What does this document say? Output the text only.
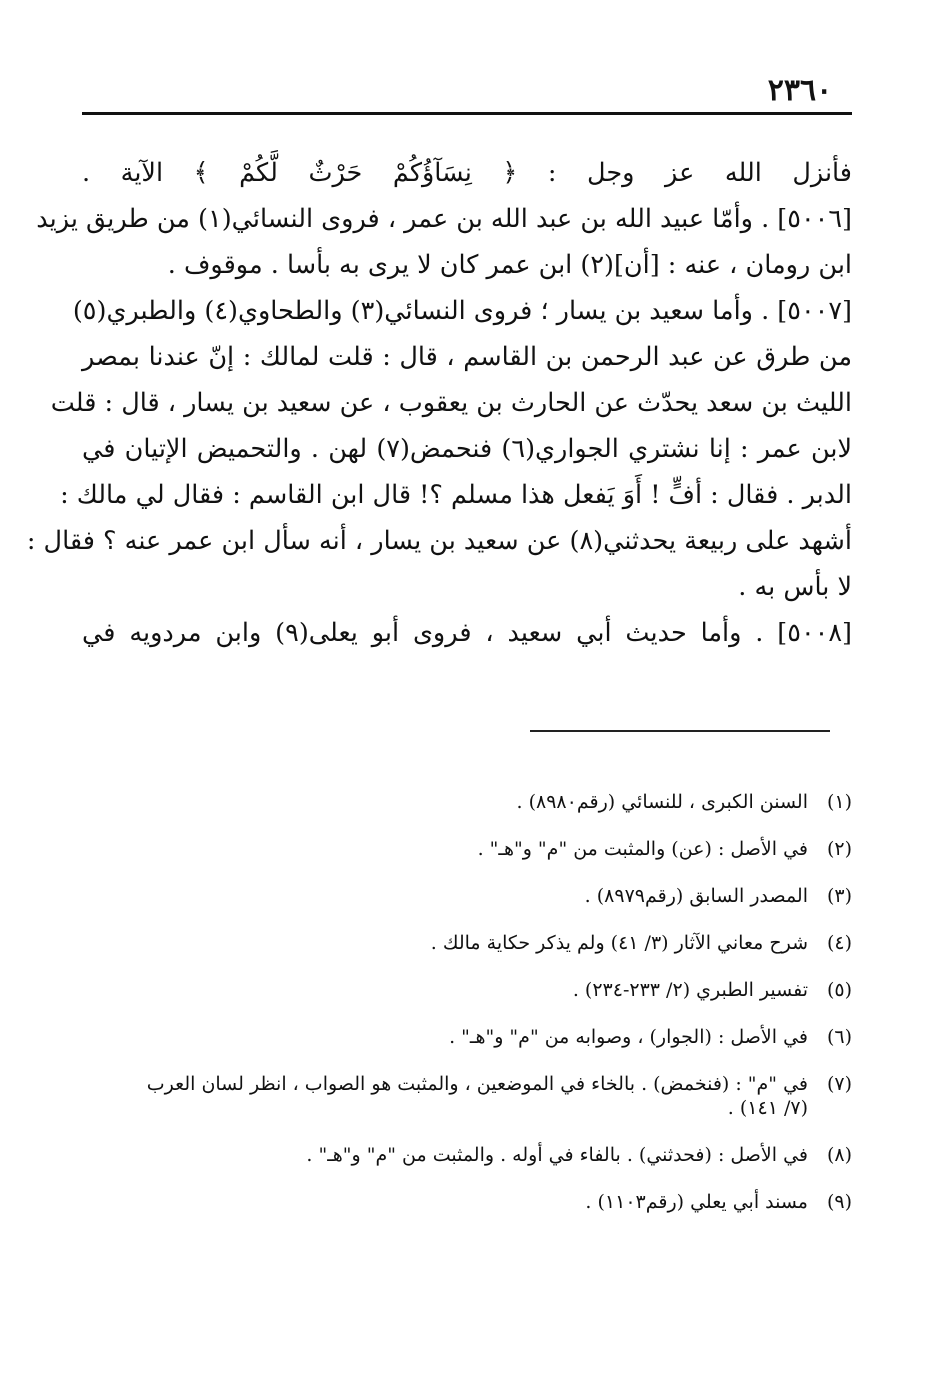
٢٣٦٠
فأنزل الله عز وجل : ﴿ نِسَآؤُكُمْ حَرْثٌ لَّكُمْ ﴾ الآية .
[٥٠٠٦] . وأمّا عبيد الله بن عبد الله بن عمر ، فروى النسائي(١) من طريق يزيد
ابن رومان ، عنه : [أن](٢) ابن عمر كان لا يرى به بأسا . موقوف .
[٥٠٠٧] . وأما سعيد بن يسار ؛ فروى النسائي(٣) والطحاوي(٤) والطبري(٥)
من طرق عن عبد الرحمن بن القاسم ، قال : قلت لمالك : إنّ عندنا بمصر
الليث بن سعد يحدّث عن الحارث بن يعقوب ، عن سعيد بن يسار ، قال : قلت
لابن عمر : إنا نشتري الجواري(٦) فنحمض(٧) لهن . والتحميض الإتيان في
الدبر . فقال : أفٍّ ! أَوَ يَفعل هذا مسلم ؟! قال ابن القاسم : فقال لي مالك :
أشهد على ربيعة يحدثني(٨) عن سعيد بن يسار ، أنه سأل ابن عمر عنه ؟ فقال :
لا بأس به .
[٥٠٠٨] . وأما حديث أبي سعيد ، فروى أبو يعلى(٩) وابن مردويه في
(١)السنن الكبرى ، للنسائي (رقم٨٩٨٠) .
(٢)في الأصل : (عن) والمثبت من "م" و"هـ" .
(٣)المصدر السابق (رقم٨٩٧٩) .
(٤)شرح معاني الآثار (٣/ ٤١) ولم يذكر حكاية مالك .
(٥)تفسير الطبري (٢/ ٢٣٣-٢٣٤) .
(٦)في الأصل : (الجوار) ، وصوابه من "م" و"هـ" .
(٧)في "م" : (فنخمض) . بالخاء في الموضعين ، والمثبت هو الصواب ، انظر لسان العرب
(٧/ ١٤١) .
(٨)في الأصل : (فحدثني) . بالفاء في أوله . والمثبت من "م" و"هـ" .
(٩)مسند أبي يعلي (رقم١١٠٣) .
